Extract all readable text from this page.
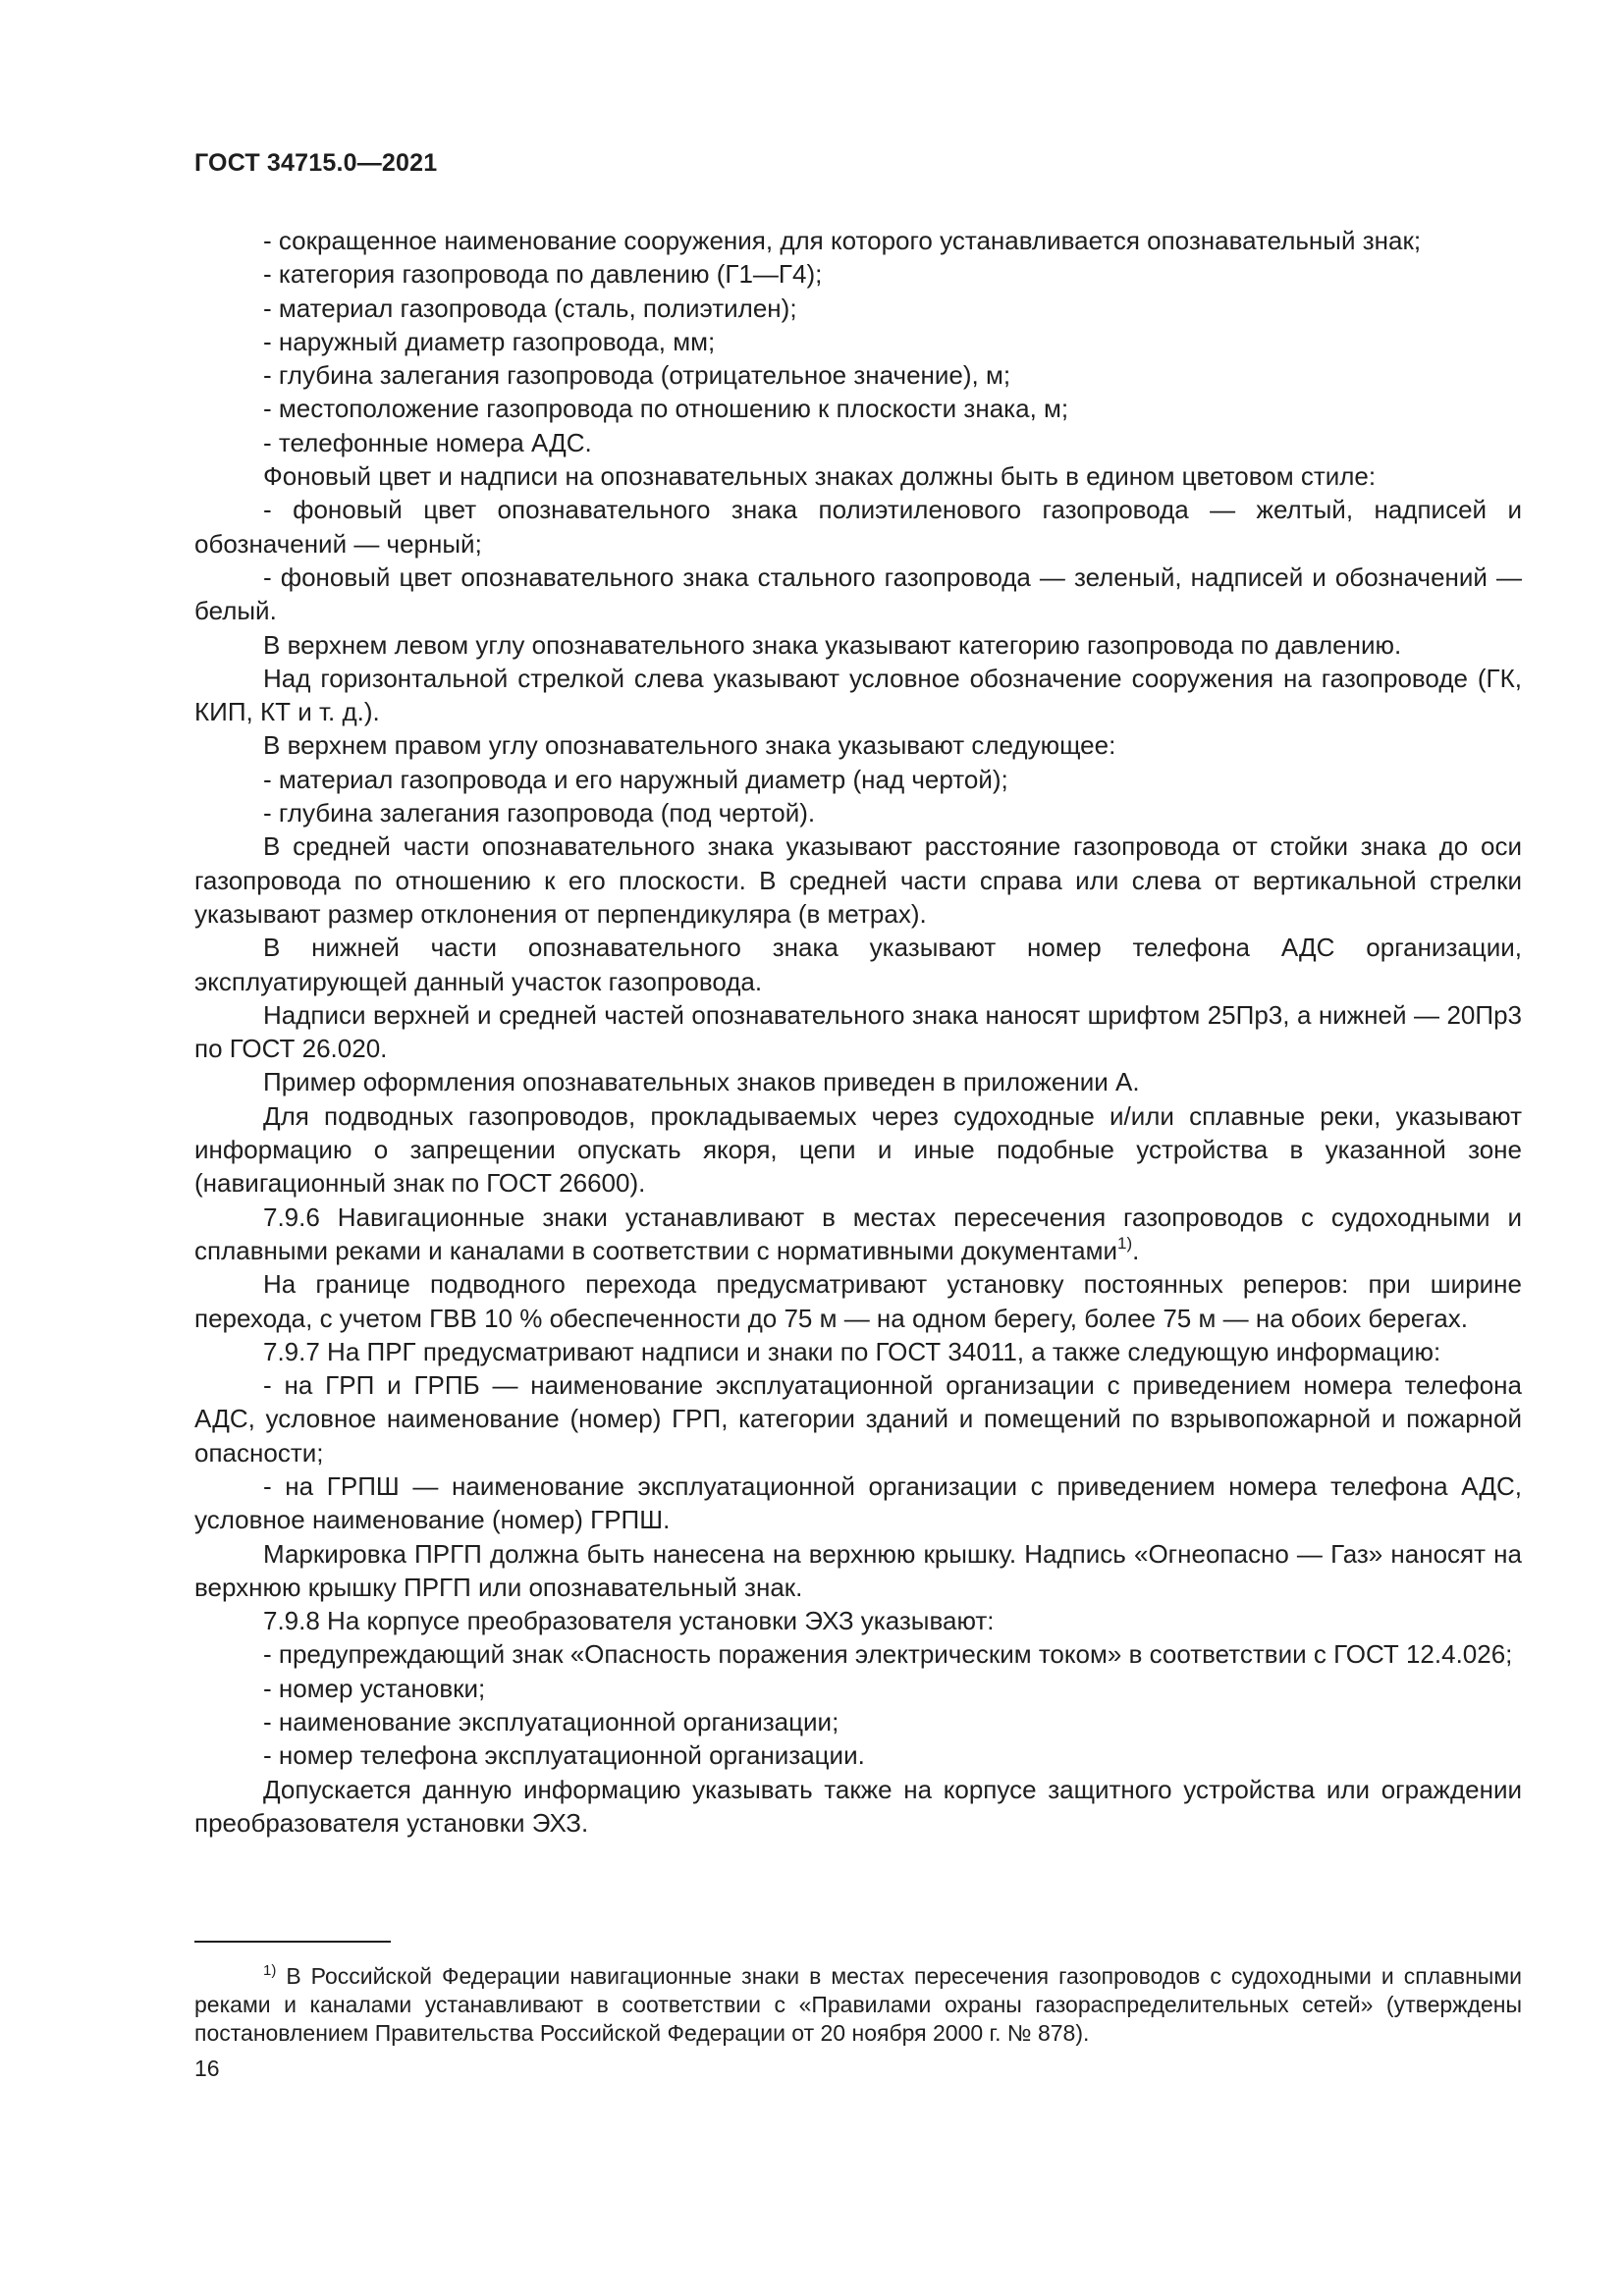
ГОСТ 34715.0—2021

- сокращенное наименование сооружения, для которого устанавливается опознавательный знак;

- категория газопровода по давлению (Г1—Г4);

- материал газопровода (сталь, полиэтилен);

- наружный диаметр газопровода, мм;

- глубина залегания газопровода (отрицательное значение), м;

- местоположение газопровода по отношению к плоскости знака, м;

- телефонные номера АДС.

Фоновый цвет и надписи на опознавательных знаках должны быть в едином цветовом стиле:

- фоновый цвет опознавательного знака полиэтиленового газопровода — желтый, надписей и обозначений — черный;

- фоновый цвет опознавательного знака стального газопровода — зеленый, надписей и обозначений — белый.

В верхнем левом углу опознавательного знака указывают категорию газопровода по давлению.

Над горизонтальной стрелкой слева указывают условное обозначение сооружения на газопроводе (ГК, КИП, КТ и т. д.).

В верхнем правом углу опознавательного знака указывают следующее:

- материал газопровода и его наружный диаметр (над чертой);

- глубина залегания газопровода (под чертой).

В средней части опознавательного знака указывают расстояние газопровода от стойки знака до оси газопровода по отношению к его плоскости. В средней части справа или слева от вертикальной стрелки указывают размер отклонения от перпендикуляра (в метрах).

В нижней части опознавательного знака указывают номер телефона АДС организации, эксплуатирующей данный участок газопровода.

Надписи верхней и средней частей опознавательного знака наносят шрифтом 25Пр3, а нижней — 20Пр3 по ГОСТ 26.020.

Пример оформления опознавательных знаков приведен в приложении А.

Для подводных газопроводов, прокладываемых через судоходные и/или сплавные реки, указывают информацию о запрещении опускать якоря, цепи и иные подобные устройства в указанной зоне (навигационный знак по ГОСТ 26600).

7.9.6 Навигационные знаки устанавливают в местах пересечения газопроводов с судоходными и сплавными реками и каналами в соответствии с нормативными документами$^{1)}$.

На границе подводного перехода предусматривают установку постоянных реперов: при ширине перехода, с учетом ГВВ 10 % обеспеченности до 75 м — на одном берегу, более 75 м — на обоих берегах.

7.9.7 На ПРГ предусматривают надписи и знаки по ГОСТ 34011, а также следующую информацию:

- на ГРП и ГРПБ — наименование эксплуатационной организации с приведением номера телефона АДС, условное наименование (номер) ГРП, категории зданий и помещений по взрывопожарной и пожарной опасности;

- на ГРПШ — наименование эксплуатационной организации с приведением номера телефона АДС, условное наименование (номер) ГРПШ.

Маркировка ПРГП должна быть нанесена на верхнюю крышку. Надпись «Огнеопасно — Газ» наносят на верхнюю крышку ПРГП или опознавательный знак.

7.9.8 На корпусе преобразователя установки ЭХЗ указывают:

- предупреждающий знак «Опасность поражения электрическим током» в соответствии с ГОСТ 12.4.026;

- номер установки;

- наименование эксплуатационной организации;

- номер телефона эксплуатационной организации.

Допускается данную информацию указывать также на корпусе защитного устройства или ограждении преобразователя установки ЭХЗ.

$^{1)}$ В Российской Федерации навигационные знаки в местах пересечения газопроводов с судоходными и сплавными реками и каналами устанавливают в соответствии с «Правилами охраны газораспределительных сетей» (утверждены постановлением Правительства Российской Федерации от 20 ноября 2000 г. № 878).

16
